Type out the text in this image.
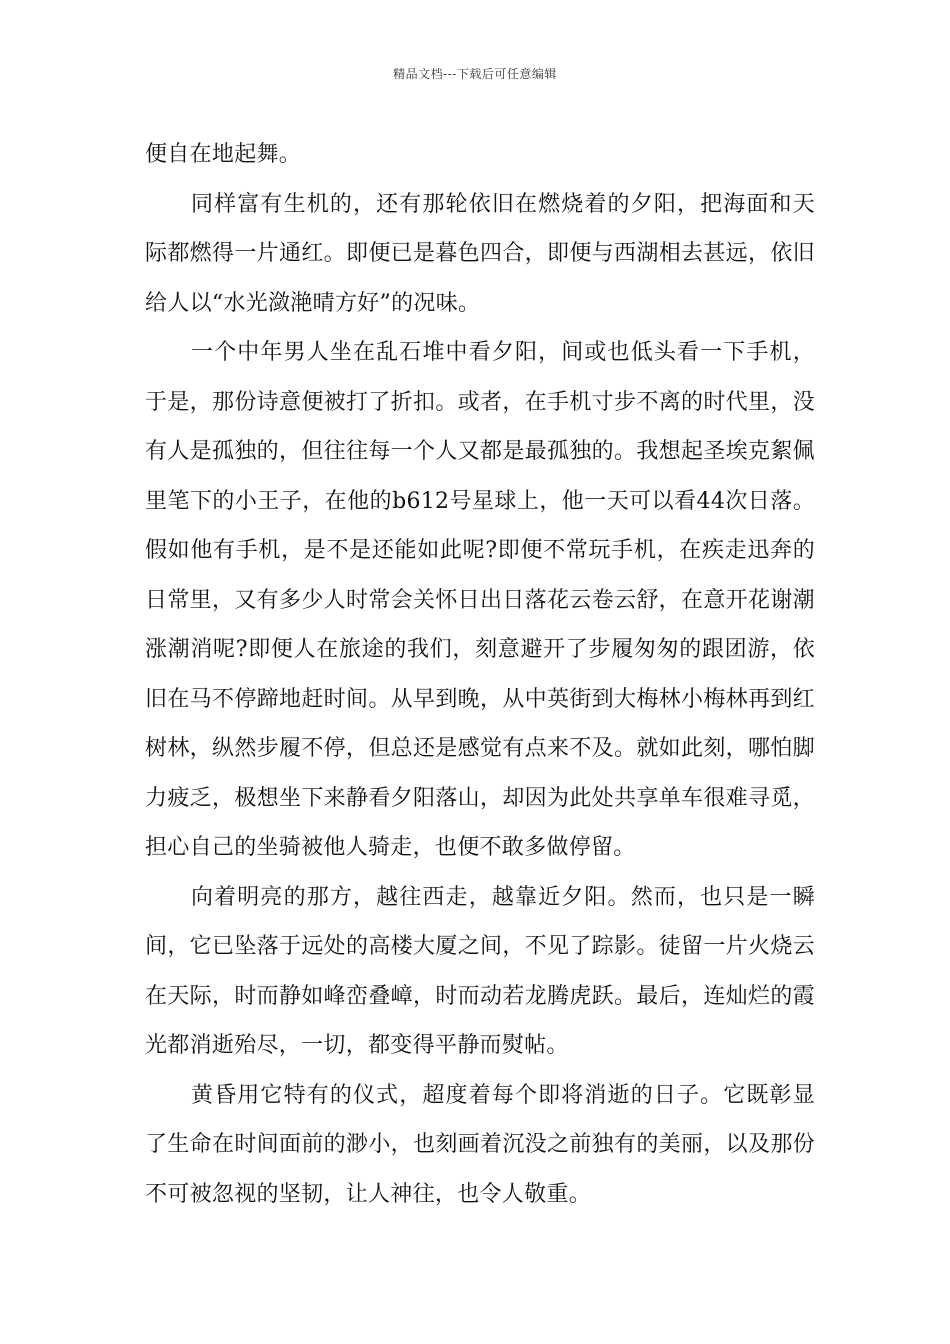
精品文档---下载后可任意编辑

便自在地起舞。

同样富有生机的，还有那轮依旧在燃烧着的夕阳，把海面和天际都燃得一片通红。即便已是暮色四合，即便与西湖相去甚远，依旧给人以“水光潋滟晴方好”的况味。

一个中年男人坐在乱石堆中看夕阳，间或也低头看一下手机，于是，那份诗意便被打了折扣。或者，在手机寸步不离的时代里，没有人是孤独的，但往往每一个人又都是最孤独的。我想起圣埃克絮佩里笔下的小王子，在他的b612号星球上，他一天可以看44次日落。假如他有手机，是不是还能如此呢?即便不常玩手机，在疾走迅奔的日常里，又有多少人时常会关怀日出日落花云卷云舒，在意开花谢潮涨潮消呢?即便人在旅途的我们，刻意避开了步履匆匆的跟团游，依旧在马不停蹄地赶时间。从早到晚，从中英街到大梅林小梅林再到红树林，纵然步履不停，但总还是感觉有点来不及。就如此刻，哪怕脚力疲乏，极想坐下来静看夕阳落山，却因为此处共享单车很难寻觅，担心自己的坐骑被他人骑走，也便不敢多做停留。

向着明亮的那方，越往西走，越靠近夕阳。然而，也只是一瞬间，它已坠落于远处的高楼大厦之间，不见了踪影。徒留一片火烧云在天际，时而静如峰峦叠嶂，时而动若龙腾虎跃。最后，连灿烂的霞光都消逝殆尽，一切，都变得平静而熨帖。

黄昏用它特有的仪式，超度着每个即将消逝的日子。它既彰显了生命在时间面前的渺小，也刻画着沉没之前独有的美丽，以及那份不可被忽视的坚韧，让人神往，也令人敬重。
